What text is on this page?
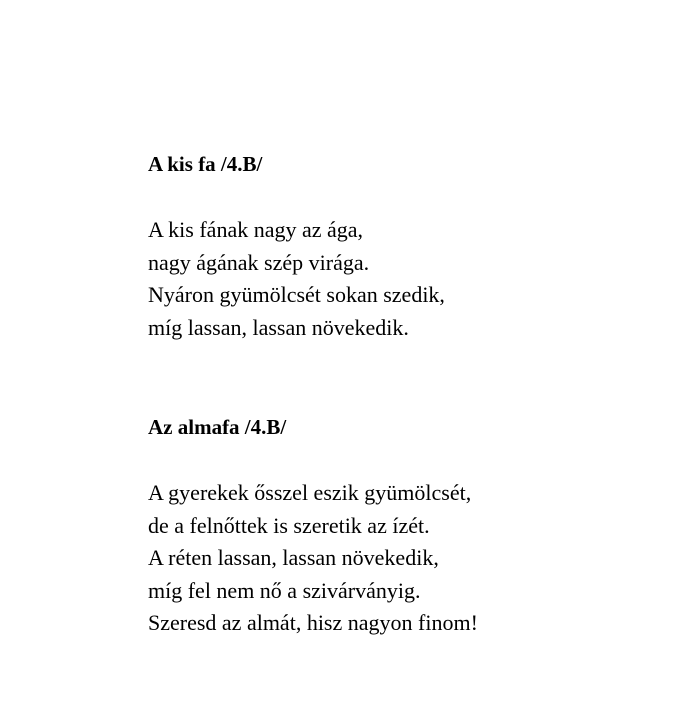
A kis fa /4.B/
A kis fának nagy az ága,
nagy ágának szép virága.
Nyáron gyümölcsét sokan szedik,
míg lassan, lassan növekedik.
Az almafa /4.B/
A gyerekek ősszel eszik gyümölcsét,
de a felnőttek is szeretik az ízét.
A réten lassan, lassan növekedik,
míg fel nem nő a szivárványig.
Szeresd az almát, hisz nagyon finom!
